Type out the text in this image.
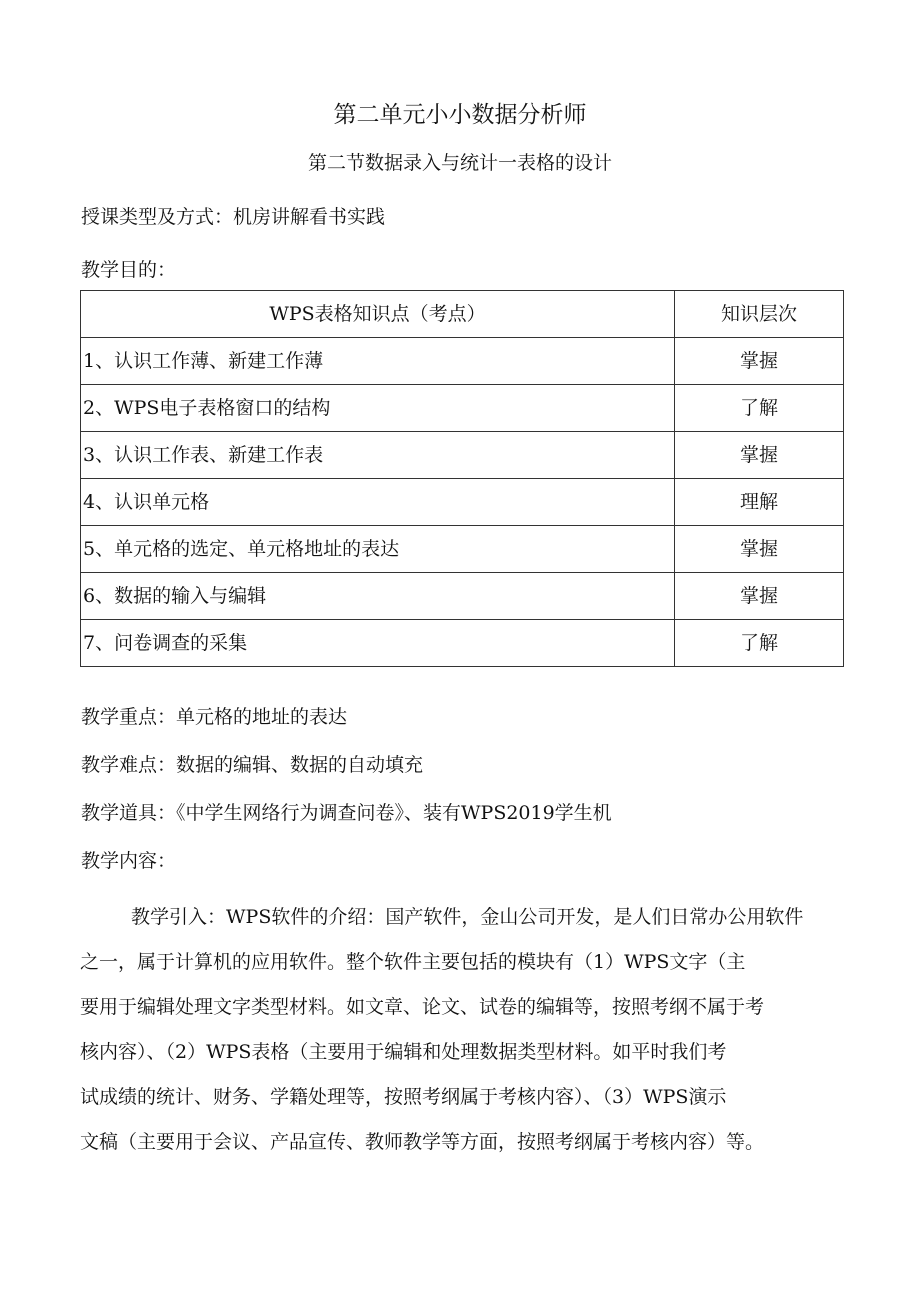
第二单元小小数据分析师
第二节数据录入与统计一表格的设计
授课类型及方式：机房讲解看书实践
教学目的：
WPS表格知识点（考点）	知识层次
1、认识工作薄、新建工作薄	掌握
2、WPS电子表格窗口的结构	了解
3、认识工作表、新建工作表	掌握
4、认识单元格	理解
5、单元格的选定、单元格地址的表达	掌握
6、数据的输入与编辑	掌握
7、问卷调查的采集	了解
教学重点：单元格的地址的表达
教学难点：数据的编辑、数据的自动填充
教学道具：《中学生网络行为调查问卷》、装有WPS2019学生机
教学内容：

教学引入：WPS软件的介绍：国产软件，金山公司开发，是人们日常办公用软件

之一，属于计算机的应用软件。整个软件主要包括的模块有（1）WPS文字（主

要用于编辑处理文字类型材料。如文章、论文、试卷的编辑等，按照考纲不属于考

核内容）、（2）WPS表格（主要用于编辑和处理数据类型材料。如平时我们考

试成绩的统计、财务、学籍处理等，按照考纲属于考核内容）、（3）WPS演示

文稿（主要用于会议、产品宣传、教师教学等方面，按照考纲属于考核内容）等。
